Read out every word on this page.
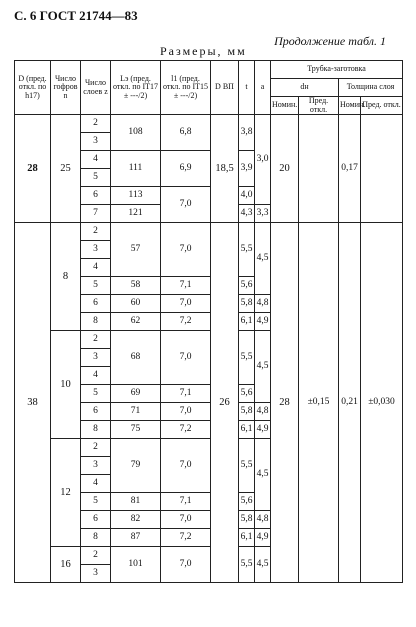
С. 6 ГОСТ 21744—83
Размеры, мм
Продолжение табл. 1
D (пред. откл. по h17)	Число гофров n	Число слоев z	Lэ (пред. откл. по IT17 ± ---/2)	l1 (пред. откл. по IT15 ± ---/2)	D ВП	t	a	Трубка-заготовка			
								dн		Толщина слоя	
								Номин.	Пред. откл.	Номин.	Пред. откл.
28	25	2	108	6,8	18,5	3,8	3,0	20		0,17	
		3									
		4	111	6,9		3,9					
		5									
		6	113	7,0		4,0					
		7	121			4,3	3,3				
38	8	2	57	7,0	26	5,5	4,5	28	±0,15	0,21	±0,030
		3									
		4									
		5	58	7,1		5,6					
		6	60	7,0		5,8	4,8				
		8	62	7,2		6,1	4,9				
	10	2	68	7,0		5,5	4,5				
		3									
		4									
		5	69	7,1		5,6					
		6	71	7,0		5,8	4,8				
		8	75	7,2		6,1	4,9				
	12	2	79	7,0		5,5	4,5				
		3									
		4									
		5	81	7,1		5,6					
		6	82	7,0		5,8	4,8				
		8	87	7,2		6,1	4,9				
	16	2	101	7,0		5,5	4,5				
		3									
